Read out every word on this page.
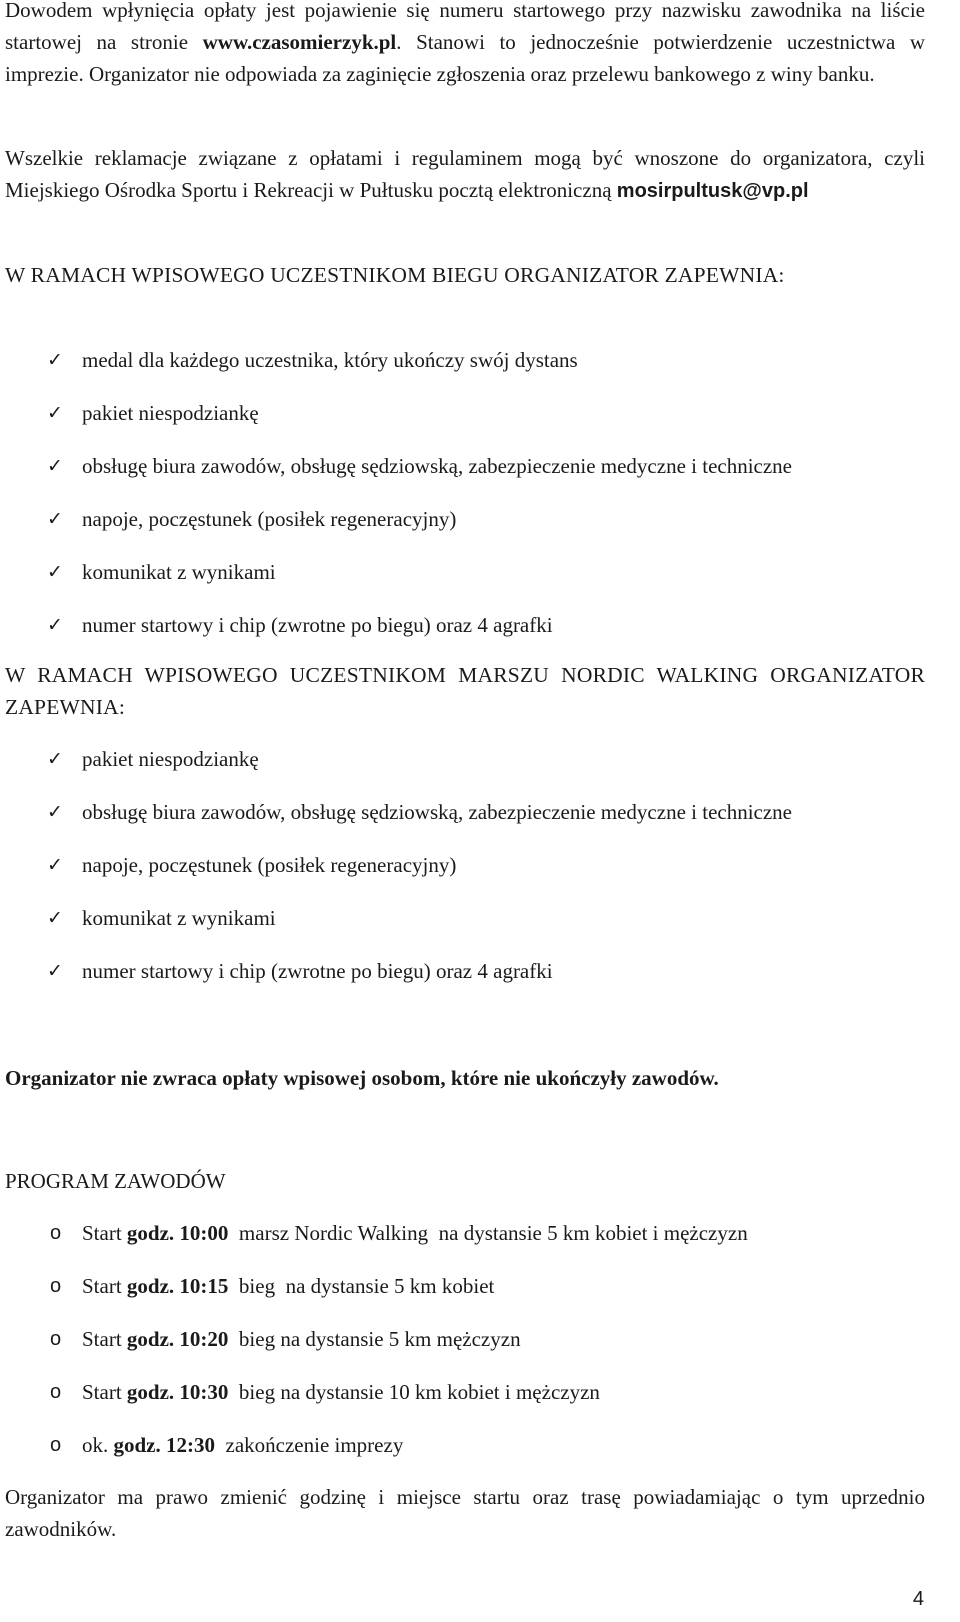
Dowodem wpłynięcia opłaty jest pojawienie się numeru startowego przy nazwisku zawodnika na liście startowej na stronie www.czasomierzyk.pl. Stanowi to jednocześnie potwierdzenie uczestnictwa w imprezie. Organizator nie odpowiada za zaginięcie zgłoszenia oraz przelewu bankowego z winy banku.

Wszelkie reklamacje związane z opłatami i regulaminem mogą być wnoszone do organizatora, czyli Miejskiego Ośrodka Sportu i Rekreacji w Pułtusku pocztą elektroniczną mosirpultusk@vp.pl

W RAMACH WPISOWEGO UCZESTNIKOM BIEGU ORGANIZATOR ZAPEWNIA:

✓ medal dla każdego uczestnika, który ukończy swój dystans
✓ pakiet niespodziankę
✓ obsługę biura zawodów, obsługę sędziowską, zabezpieczenie medyczne i techniczne
✓ napoje, poczęstunek (posiłek regeneracyjny)
✓ komunikat z wynikami
✓ numer startowy i chip (zwrotne po biegu) oraz 4 agrafki

W RAMACH WPISOWEGO UCZESTNIKOM MARSZU NORDIC WALKING ORGANIZATOR ZAPEWNIA:

✓ pakiet niespodziankę
✓ obsługę biura zawodów, obsługę sędziowską, zabezpieczenie medyczne i techniczne
✓ napoje, poczęstunek (posiłek regeneracyjny)
✓ komunikat z wynikami
✓ numer startowy i chip (zwrotne po biegu) oraz 4 agrafki

Organizator nie zwraca opłaty wpisowej osobom, które nie ukończyły zawodów.

PROGRAM ZAWODÓW

o Start godz. 10:00  marsz Nordic Walking  na dystansie 5 km kobiet i mężczyzn
o Start godz. 10:15  bieg  na dystansie 5 km kobiet
o Start godz. 10:20  bieg na dystansie 5 km mężczyzn
o Start godz. 10:30  bieg na dystansie 10 km kobiet i mężczyzn
o ok. godz. 12:30  zakończenie imprezy

Organizator ma prawo zmienić godzinę i miejsce startu oraz trasę powiadamiając o tym uprzednio zawodników.

4
